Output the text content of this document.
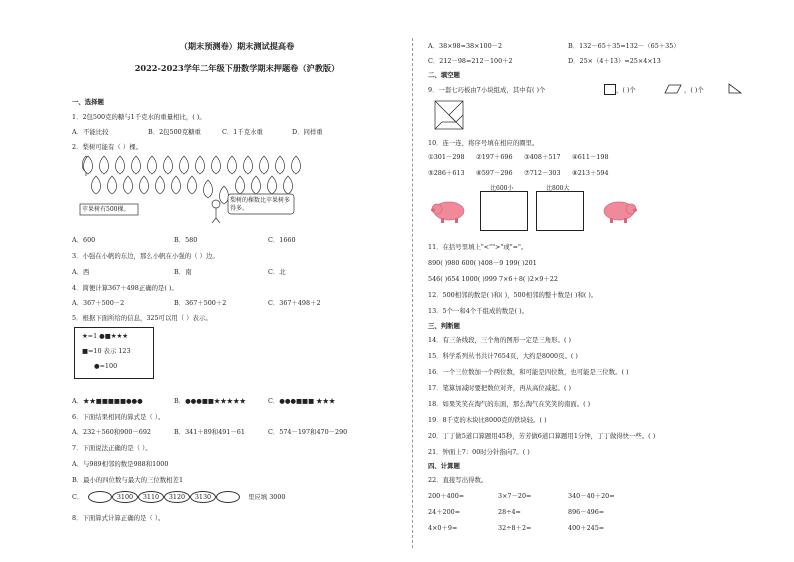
（期末预测卷）期末测试提高卷
2022-2023学年二年级下册数学期末押题卷（沪教版）
一、选择题
1．2包500克的糖与1千克水的重量相比，( )。
A．不能比较	B．2包500克糖重	C．1千克水重	D．同样重
2．梨树可能有（ ）棵。
苹果树有500棵。
梨树的棵数比苹果树多得多。
A．600	B．580	C．1660
3．小强在小帆的东边，那么小帆在小强的（ ）边。
A．西	B．南	C．北
4．简便计算367＋498正确的是( )。
A．367＋500－2	B．367＋500＋2	C．367＋498＋2
5．根据下面所给的信息，325可以用（ ）表示。
★=1 ●■★★★
■=10 表示 123
●=100
A．★★■■■■■●●●	B．●●●■■★★★★★	C．●●●■■■ ★★★
6．下面结果相同的算式是（ ）。
A．232＋560和900－692	B．341＋89和491－61	C．574－197和470－290
7．下面说法正确的是（ ）。
A．与989相邻的数是988和1000
B．最小的四位数与最大的三位数相差1
C．	3100	3110	3120	3130	里应填 3000
8．下面算式计算正确的是（ ）。
A．38×98=38×100－2	B．132－65＋35=132－（65＋35）
C．212－98=212－100＋2	D．25×（4＋13）=25×4×13
二、填空题
9．一套七巧板由7小块组成，其中有( )个	，( )个	，( )个
10．连一连，将序号填在相应的圈里。
①301－298 ②197＋696 ③408＋517 ④611－198
⑤286＋613 ⑥597－296 ⑦712－303 ⑧213＋594
比600小	比800大
11．在括号里填上"<"">"或"="。
890( )980 600( )408－9 199( )201
546( )654 1000( )999 7×6＋8( )2×9＋22
12．500相邻的数是( )和( )，500相邻的整十数是( )和( )。
13．5个一和4个千组成的数是( )。
三、判断题
14．有三条线段，三个角的图形一定是三角形。( )
15．科学系列丛书共计7654页，大约是8000页。( )
16．一个三位数加一个两位数，和可能是四位数，也可能是三位数。( )
17．笔算加减时要把数位对齐，再从高位减起。( )
18．如果笑笑在淘气的东面，那么淘气在笑笑的南面。( )
19．8千克的木块比8000克的铁块轻。( )
20．丁丁做5道口算题用45秒，芳芳做6道口算题用1分钟，丁丁做得快一些。( )
21．钟面上7：00时分针指向7。( )
四、计算题
22．直接写出得数。
200＋400=	3×7－20=	340－40＋20=
24＋200=	28÷4=	896－496=
4×0＋9=	32÷8＋2=	400＋245=
